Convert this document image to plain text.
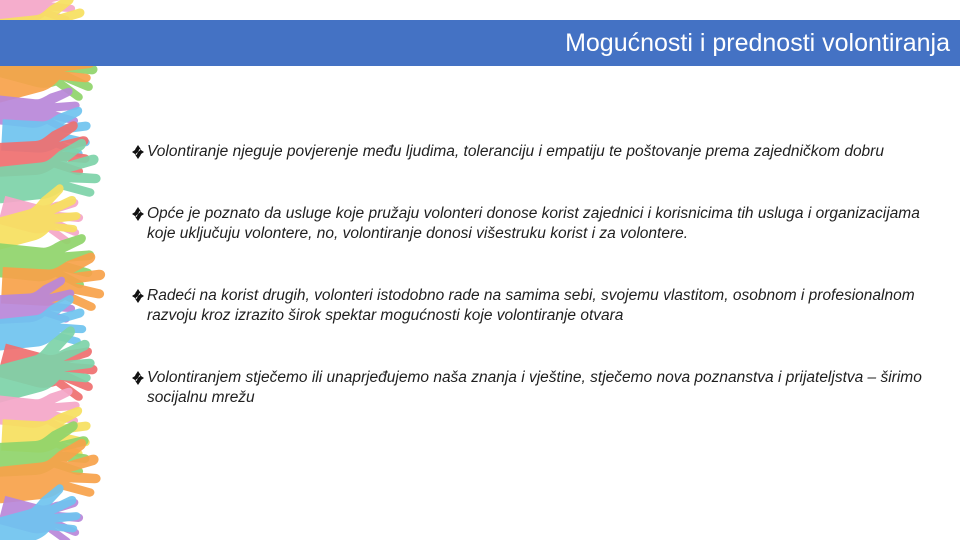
Mogućnosti i prednosti volontiranja
Volontiranje njeguje povjerenje među ljudima, toleranciju i empatiju te poštovanje prema zajedničkom dobru
Opće je poznato da usluge koje pružaju volonteri donose korist zajednici i korisnicima tih usluga i organizacijama koje uključuju volontere, no, volontiranje donosi višestruku korist i za volontere.
Radeći na korist drugih, volonteri istodobno rade na samima sebi, svojemu vlastitom, osobnom i profesionalnom razvoju kroz izrazito širok spektar mogućnosti koje volontiranje otvara
Volontiranjem stječemo ili unaprjeđujemo naša znanja i vještine, stječemo nova poznanstva i prijateljstva – širimo socijalnu mrežu
